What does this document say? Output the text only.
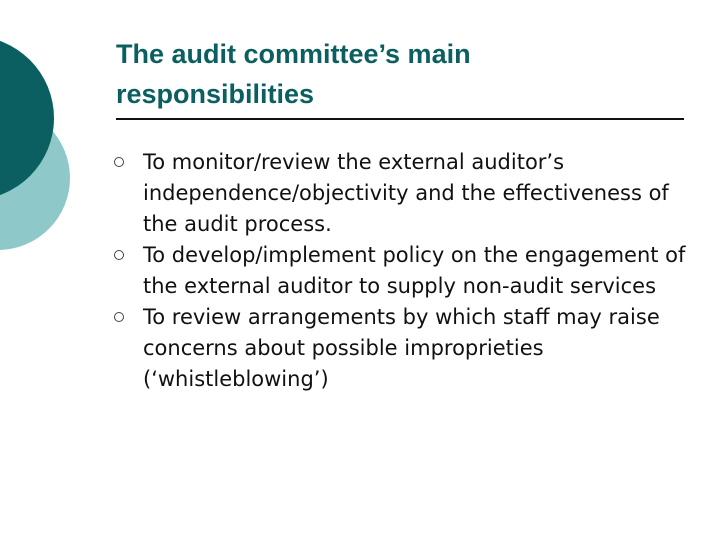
The audit committee’s main responsibilities
To monitor/review the external auditor’s independence/objectivity and the effectiveness of the audit process.
To develop/implement policy on the engagement of the external auditor to supply non-audit services
To review arrangements by which staff may raise concerns about possible improprieties (‘whistleblowing’)
